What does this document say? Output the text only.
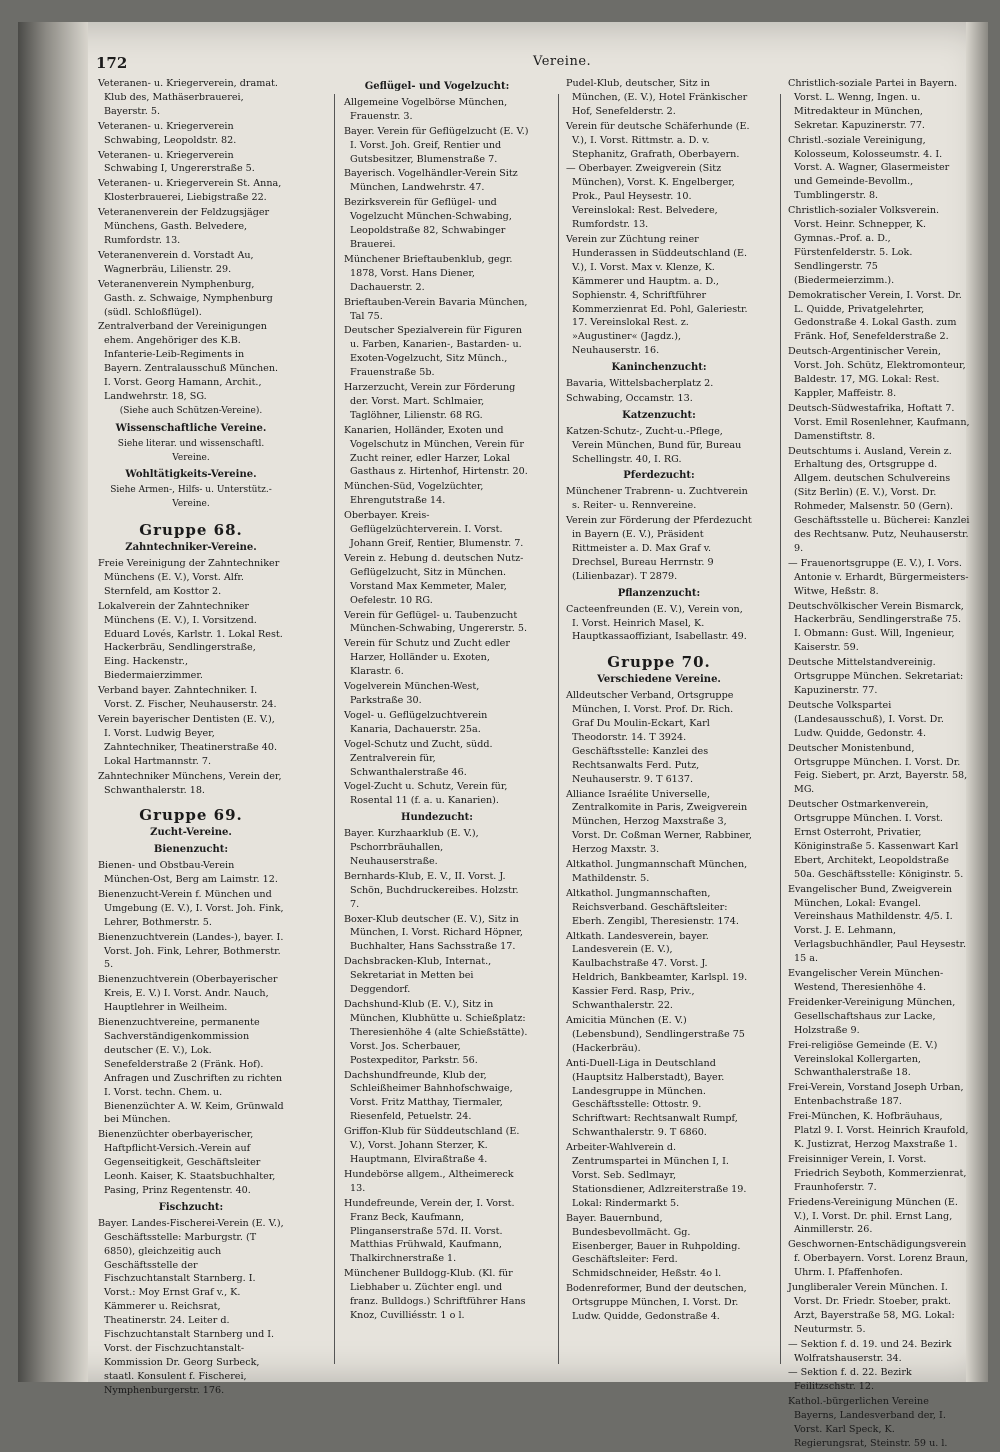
172	Vereine.
Veteranen- u. Kriegerverein, dramat. Klub des, Mathäserbrauerei, Bayerstr. 5.
Veteranen- u. Kriegerverein Schwabing, Leopoldstr. 82.
Veteranen- u. Kriegerverein Schwabing I, Ungererstraße 5.
Veteranen- u. Kriegerverein St. Anna, Klosterbrauerei, Liebigstraße 22.
Veteranenverein der Feldzugsjäger Münchens, Gasth. Belvedere, Rumfordstr. 13.
Veteranenverein d. Vorstadt Au, Wagnerbräu, Lilienstr. 29.
Veteranenverein Nymphenburg, Gasth. z. Schwaige, Nymphenburg (südl. Schloßflügel).
Zentralverband der Vereinigungen ehem. Angehöriger des K.B. Infanterie-Leib-Regiments in Bayern. Zentralausschuß München. I. Vorst. Georg Hamann, Archit., Landwehrstr. 18, SG.
(Siehe auch Schützen-Vereine).
Wissenschaftliche Vereine.
Siehe literar. und wissenschaftl. Vereine.
Wohltätigkeits-Vereine.
Siehe Armen-, Hilfs- u. Unterstütz.-Vereine.
Gruppe 68.
Zahntechniker-Vereine.
Freie Vereinigung der Zahntechniker Münchens (E. V.), Vorst. Alfr. Sternfeld, am Kosttor 2.
Lokalverein der Zahntechniker Münchens (E. V.), I. Vorsitzend. Eduard Lovés, Karlstr. 1. Lokal Rest. Hackerbräu, Sendlingerstraße, Eing. Hackenstr., Biedermaierzimmer.
Verband bayer. Zahntechniker. I. Vorst. Z. Fischer, Neuhauserstr. 24.
Verein bayerischer Dentisten (E. V.), I. Vorst. Ludwig Beyer, Zahntechniker, Theatinerstraße 40. Lokal Hartmannstr. 7.
Zahntechniker Münchens, Verein der, Schwanthalerstr. 18.
Gruppe 69.
Zucht-Vereine.
Bienenzucht:
Bienen- und Obstbau-Verein München-Ost, Berg am Laimstr. 12.
Bienenzucht-Verein f. München und Umgebung (E. V.), I. Vorst. Joh. Fink, Lehrer, Bothmerstr. 5.
Bienenzuchtverein (Landes-), bayer. I. Vorst. Joh. Fink, Lehrer, Bothmerstr. 5.
Bienenzuchtverein (Oberbayerischer Kreis, E. V.) I. Vorst. Andr. Nauch, Hauptlehrer in Weilheim.
Bienenzuchtvereine, permanente Sachverständigenkommission deutscher (E. V.), Lok. Senefelderstraße 2 (Fränk. Hof). Anfragen und Zuschriften zu richten I. Vorst. techn. Chem. u. Bienenzüchter A. W. Keim, Grünwald bei München.
Bienenzüchter oberbayerischer, Haftpflicht-Versich.-Verein auf Gegenseitigkeit, Geschäftsleiter Leonh. Kaiser, K. Staatsbuchhalter, Pasing, Prinz Regentenstr. 40.
Fischzucht:
Bayer. Landes-Fischerei-Verein (E. V.), Geschäftsstelle: Marburgstr. (T 6850), gleichzeitig auch Geschäftsstelle der Fischzuchtanstalt Starnberg. I. Vorst.: Moy Ernst Graf v., K. Kämmerer u. Reichsrat, Theatinerstr. 24. Leiter d. Fischzuchtanstalt Starnberg und I. Vorst. der Fischzuchtanstalt-Kommission Dr. Georg Surbeck, staatl. Konsulent f. Fischerei, Nymphenburgerstr. 176.
Geflügel- und Vogelzucht:
Allgemeine Vogelbörse München, Frauenstr. 3.
Bayer. Verein für Geflügelzucht (E. V.) I. Vorst. Joh. Greif, Rentier und Gutsbesitzer, Blumenstraße 7.
Bayerisch. Vogelhändler-Verein Sitz München, Landwehrstr. 47.
Bezirksverein für Geflügel- und Vogelzucht München-Schwabing, Leopoldstraße 82, Schwabinger Brauerei.
Münchener Brieftaubenklub, gegr. 1878, Vorst. Hans Diener, Dachauerstr. 2.
Brieftauben-Verein Bavaria München, Tal 75.
Deutscher Spezialverein für Figuren u. Farben, Kanarien-, Bastarden- u. Exoten-Vogelzucht, Sitz Münch., Frauenstraße 5b.
Harzerzucht, Verein zur Förderung der. Vorst. Mart. Schlmaier, Taglöhner, Lilienstr. 68 RG.
Kanarien, Holländer, Exoten und Vogelschutz in München, Verein für Zucht reiner, edler Harzer, Lokal Gasthaus z. Hirtenhof, Hirtenstr. 20.
München-Süd, Vogelzüchter, Ehrengutstraße 14.
Oberbayer. Kreis-Geflügelzüchterverein. I. Vorst. Johann Greif, Rentier, Blumenstr. 7.
Verein z. Hebung d. deutschen Nutz-Geflügelzucht, Sitz in München. Vorstand Max Kemmeter, Maler, Oefelestr. 10 RG.
Verein für Geflügel- u. Taubenzucht München-Schwabing, Ungererstr. 5.
Verein für Schutz und Zucht edler Harzer, Holländer u. Exoten, Klarastr. 6.
Vogelverein München-West, Parkstraße 30.
Vogel- u. Geflügelzuchtverein Kanaria, Dachauerstr. 25a.
Vogel-Schutz und Zucht, südd. Zentralverein für, Schwanthalerstraße 46.
Vogel-Zucht u. Schutz, Verein für, Rosental 11 (f. a. u. Kanarien).
Hundezucht:
Bayer. Kurzhaarklub (E. V.), Pschorrbräuhallen, Neuhauserstraße.
Bernhards-Klub, E. V., II. Vorst. J. Schön, Buchdruckereibes. Holzstr. 7.
Boxer-Klub deutscher (E. V.), Sitz in München, I. Vorst. Richard Höpner, Buchhalter, Hans Sachsstraße 17.
Dachsbracken-Klub, Internat., Sekretariat in Metten bei Deggendorf.
Dachshund-Klub (E. V.), Sitz in München, Klubhütte u. Schießplatz: Theresienhöhe 4 (alte Schießstätte). Vorst. Jos. Scherbauer, Postexpeditor, Parkstr. 56.
Dachshundfreunde, Klub der, Schleißheimer Bahnhofschwaige, Vorst. Fritz Matthay, Tiermaler, Riesenfeld, Petuelstr. 24.
Griffon-Klub für Süddeutschland (E. V.), Vorst. Johann Sterzer, K. Hauptmann, Elviraßtraße 4.
Hundebörse allgem., Altheimereck 13.
Hundefreunde, Verein der, I. Vorst. Franz Beck, Kaufmann, Plinganserstraße 57d. II. Vorst. Matthias Frühwald, Kaufmann, Thalkirchnerstraße 1.
Münchener Bulldogg-Klub. (Kl. für Liebhaber u. Züchter engl. und franz. Bulldogs.) Schriftführer Hans Knoz, Cuvilliésstr. 1 o l.
Pudel-Klub, deutscher, Sitz in München, (E. V.), Hotel Fränkischer Hof, Senefelderstr. 2.
Verein für deutsche Schäferhunde (E. V.), I. Vorst. Rittmstr. a. D. v. Stephanitz, Grafrath, Oberbayern.
— Oberbayer. Zweigverein (Sitz München), Vorst. K. Engelberger, Prok., Paul Heysestr. 10. Vereinslokal: Rest. Belvedere, Rumfordstr. 13.
Verein zur Züchtung reiner Hunderassen in Süddeutschland (E. V.), I. Vorst. Max v. Klenze, K. Kämmerer und Hauptm. a. D., Sophienstr. 4, Schriftführer Kommerzienrat Ed. Pohl, Galeriestr. 17. Vereinslokal Rest. z. »Augustiner« (Jagdz.), Neuhauserstr. 16.
Kaninchenzucht:
Bavaria, Wittelsbacherplatz 2.
Schwabing, Occamstr. 13.
Katzenzucht:
Katzen-Schutz-, Zucht-u.-Pflege, Verein München, Bund für, Bureau Schellingstr. 40, I. RG.
Pferdezucht:
Münchener Trabrenn- u. Zuchtverein s. Reiter- u. Rennvereine.
Verein zur Förderung der Pferdezucht in Bayern (E. V.), Präsident Rittmeister a. D. Max Graf v. Drechsel, Bureau Herrnstr. 9 (Lilienbazar). T 2879.
Pflanzenzucht:
Cacteenfreunden (E. V.), Verein von, I. Vorst. Heinrich Masel, K. Hauptkassaoffiziant, Isabellastr. 49.
Gruppe 70.
Verschiedene Vereine.
Alldeutscher Verband, Ortsgruppe München, I. Vorst. Prof. Dr. Rich. Graf Du Moulin-Eckart, Karl Theodorstr. 14. T 3924. Geschäftsstelle: Kanzlei des Rechtsanwalts Ferd. Putz, Neuhauserstr. 9. T 6137.
Alliance Israélite Universelle, Zentralkomite in Paris, Zweigverein München, Herzog Maxstraße 3, Vorst. Dr. Coßman Werner, Rabbiner, Herzog Maxstr. 3.
Altkathol. Jungmannschaft München, Mathildenstr. 5.
Altkathol. Jungmannschaften, Reichsverband. Geschäftsleiter: Eberh. Zengibl, Theresienstr. 174.
Altkath. Landesverein, bayer. Landesverein (E. V.), Kaulbachstraße 47. Vorst. J. Heldrich, Bankbeamter, Karlspl. 19. Kassier Ferd. Rasp, Priv., Schwanthalerstr. 22.
Amicitia München (E. V.) (Lebensbund), Sendlingerstraße 75 (Hackerbräu).
Anti-Duell-Liga in Deutschland (Hauptsitz Halberstadt), Bayer. Landesgruppe in München. Geschäftsstelle: Ottostr. 9. Schriftwart: Rechtsanwalt Rumpf, Schwanthalerstr. 9. T 6860.
Arbeiter-Wahlverein d. Zentrumspartei in München I, I. Vorst. Seb. Sedlmayr, Stationsdiener, Adlzreiterstraße 19. Lokal: Rindermarkt 5.
Bayer. Bauernbund, Bundesbevollmächt. Gg. Eisenberger, Bauer in Ruhpolding. Geschäftsleiter: Ferd. Schmidschneider, Heßstr. 4o l.
Bodenreformer, Bund der deutschen, Ortsgruppe München, I. Vorst. Dr. Ludw. Quidde, Gedonstraße 4.
Christlich-soziale Partei in Bayern. Vorst. L. Wenng, Ingen. u. Mitredakteur in München, Sekretar. Kapuzinerstr. 77.
Christl.-soziale Vereinigung, Kolosseum, Kolosseumstr. 4. I. Vorst. A. Wagner, Glasermeister und Gemeinde-Bevollm., Tumblingerstr. 8.
Christlich-sozialer Volksverein. Vorst. Heinr. Schnepper, K. Gymnas.-Prof. a. D., Fürstenfelderstr. 5. Lok. Sendlingerstr. 75 (Biedermeierzimm.).
Demokratischer Verein, I. Vorst. Dr. L. Quidde, Privatgelehrter, Gedonstraße 4. Lokal Gasth. zum Fränk. Hof, Senefelderstraße 2.
Deutsch-Argentinischer Verein, Vorst. Joh. Schütz, Elektromonteur, Baldestr. 17, MG. Lokal: Rest. Kappler, Maffeistr. 8.
Deutsch-Südwestafrika, Hoftatt 7. Vorst. Emil Rosenlehner, Kaufmann, Damenstiftstr. 8.
Deutschtums i. Ausland, Verein z. Erhaltung des, Ortsgruppe d. Allgem. deutschen Schulvereins (Sitz Berlin) (E. V.), Vorst. Dr. Rohmeder, Malsenstr. 50 (Gern). Geschäftsstelle u. Bücherei: Kanzlei des Rechtsanw. Putz, Neuhauserstr. 9.
— Frauenortsgruppe (E. V.), I. Vors. Antonie v. Erhardt, Bürgermeisters-Witwe, Heßstr. 8.
Deutschvölkischer Verein Bismarck, Hackerbräu, Sendlingerstraße 75. I. Obmann: Gust. Will, Ingenieur, Kaiserstr. 59.
Deutsche Mittelstandvereinig. Ortsgruppe München. Sekretariat: Kapuzinerstr. 77.
Deutsche Volkspartei (Landesausschuß), I. Vorst. Dr. Ludw. Quidde, Gedonstr. 4.
Deutscher Monistenbund, Ortsgruppe München. I. Vorst. Dr. Feig. Siebert, pr. Arzt, Bayerstr. 58, MG.
Deutscher Ostmarkenverein, Ortsgruppe München. I. Vorst. Ernst Osterroht, Privatier, Königinstraße 5. Kassenwart Karl Ebert, Architekt, Leopoldstraße 50a. Geschäftsstelle: Königinstr. 5.
Evangelischer Bund, Zweigverein München, Lokal: Evangel. Vereinshaus Mathildenstr. 4/5. I. Vorst. J. E. Lehmann, Verlagsbuchhändler, Paul Heysestr. 15 a.
Evangelischer Verein München-Westend, Theresienhöhe 4.
Freidenker-Vereinigung München, Gesellschaftshaus zur Lacke, Holzstraße 9.
Frei-religiöse Gemeinde (E. V.) Vereinslokal Kollergarten, Schwanthalerstraße 18.
Frei-Verein, Vorstand Joseph Urban, Entenbachstraße 187.
Frei-München, K. Hofbräuhaus, Platzl 9. I. Vorst. Heinrich Kraufold, K. Justizrat, Herzog Maxstraße 1.
Freisinniger Verein, I. Vorst. Friedrich Seyboth, Kommerzienrat, Fraunhoferstr. 7.
Friedens-Vereinigung München (E. V.), I. Vorst. Dr. phil. Ernst Lang, Ainmillerstr. 26.
Geschwornen-Entschädigungsverein f. Oberbayern. Vorst. Lorenz Braun, Uhrm. I. Pfaffenhofen.
Jungliberaler Verein München. I. Vorst. Dr. Friedr. Stoeber, prakt. Arzt, Bayerstraße 58, MG. Lokal: Neuturmstr. 5.
— Sektion f. d. 19. und 24. Bezirk Wolfratshauserstr. 34.
— Sektion f. d. 22. Bezirk Feilitzschstr. 12.
Kathol.-bürgerlichen Vereine Bayerns, Landesverband der, I. Vorst. Karl Speck, K. Regierungsrat, Steinstr. 59 u. l.
